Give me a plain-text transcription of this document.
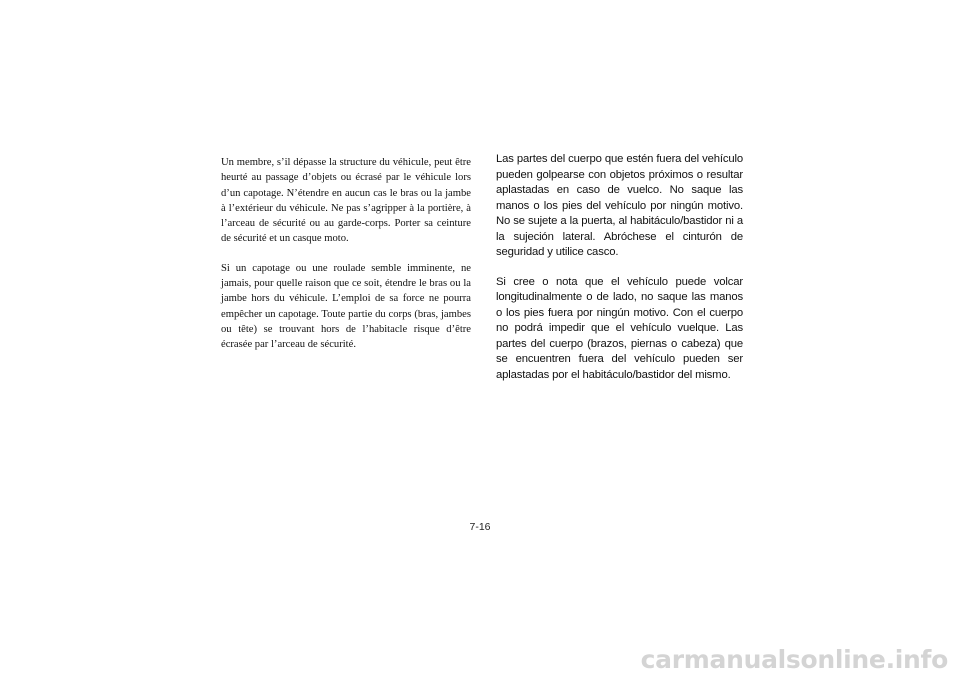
Un membre, s’il dépasse la structure du véhicule, peut être heurté au passage d’objets ou écrasé par le véhicule lors d’un capotage. N’étendre en aucun cas le bras ou la jambe à l’extérieur du véhicule. Ne pas s’agripper à la portière, à l’arceau de sécurité ou au garde-corps. Porter sa ceinture de sécurité et un casque moto.

Si un capotage ou une roulade semble imminente, ne jamais, pour quelle raison que ce soit, étendre le bras ou la jambe hors du véhicule. L’emploi de sa force ne pourra empêcher un capotage. Toute partie du corps (bras, jambes ou tête) se trouvant hors de l’habitacle risque d’être écrasée par l’arceau de sécurité.

Las partes del cuerpo que estén fuera del vehículo pueden golpearse con objetos próximos o resultar aplastadas en caso de vuelco. No saque las manos o los pies del vehículo por ningún motivo. No se sujete a la puerta, al habitáculo/bastidor ni a la sujeción lateral. Abróchese el cinturón de seguridad y utilice casco.

Si cree o nota que el vehículo puede volcar longitudinalmente o de lado, no saque las manos o los pies fuera por ningún motivo. Con el cuerpo no podrá impedir que el vehículo vuelque. Las partes del cuerpo (brazos, piernas o cabeza) que se encuentren fuera del vehículo pueden ser aplastadas por el habitáculo/bastidor del mismo.

7-16
carmanualsonline.info
